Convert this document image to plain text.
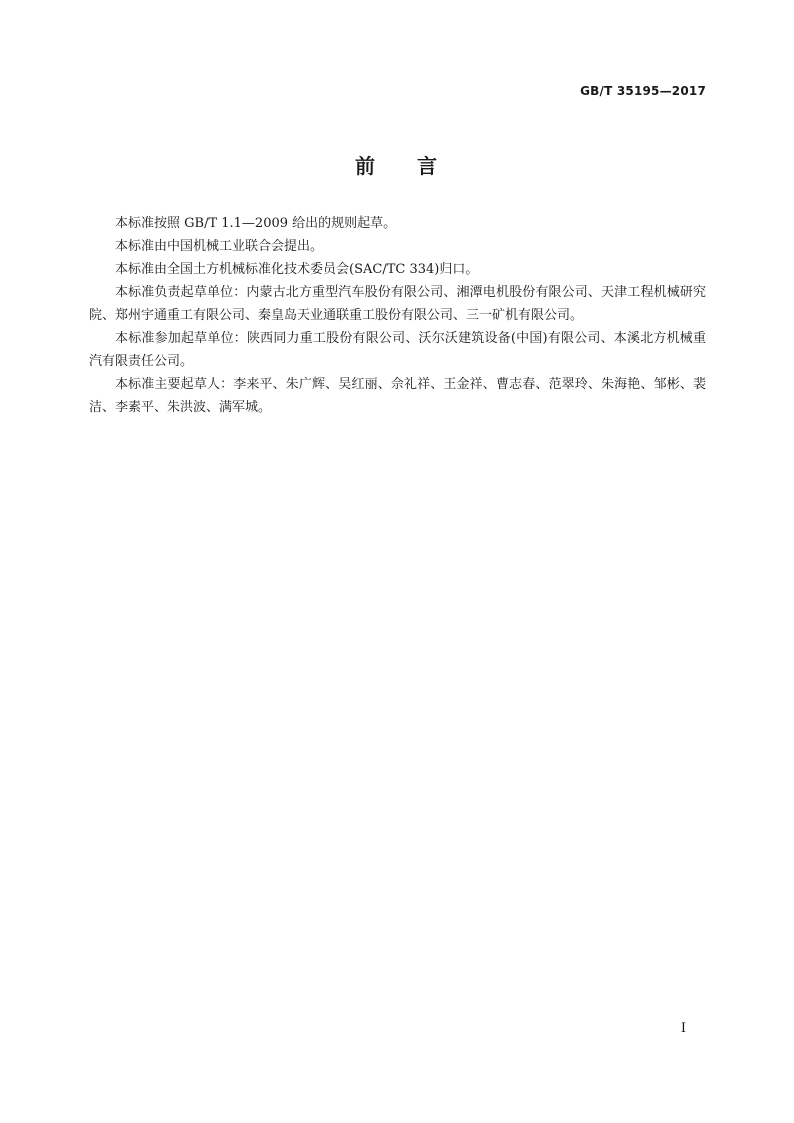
GB/T 35195—2017
前 言

本标准按照 GB/T 1.1—2009 给出的规则起草。

本标准由中国机械工业联合会提出。

本标准由全国土方机械标准化技术委员会(SAC/TC 334)归口。

本标准负责起草单位：内蒙古北方重型汽车股份有限公司、湘潭电机股份有限公司、天津工程机械研究院、郑州宇通重工有限公司、秦皇岛天业通联重工股份有限公司、三一矿机有限公司。

本标准参加起草单位：陕西同力重工股份有限公司、沃尔沃建筑设备(中国)有限公司、本溪北方机械重汽有限责任公司。

本标准主要起草人：李来平、朱广辉、吴红丽、佘礼祥、王金祥、曹志春、范翠玲、朱海艳、邹彬、裴洁、李素平、朱洪波、满军城。

I
